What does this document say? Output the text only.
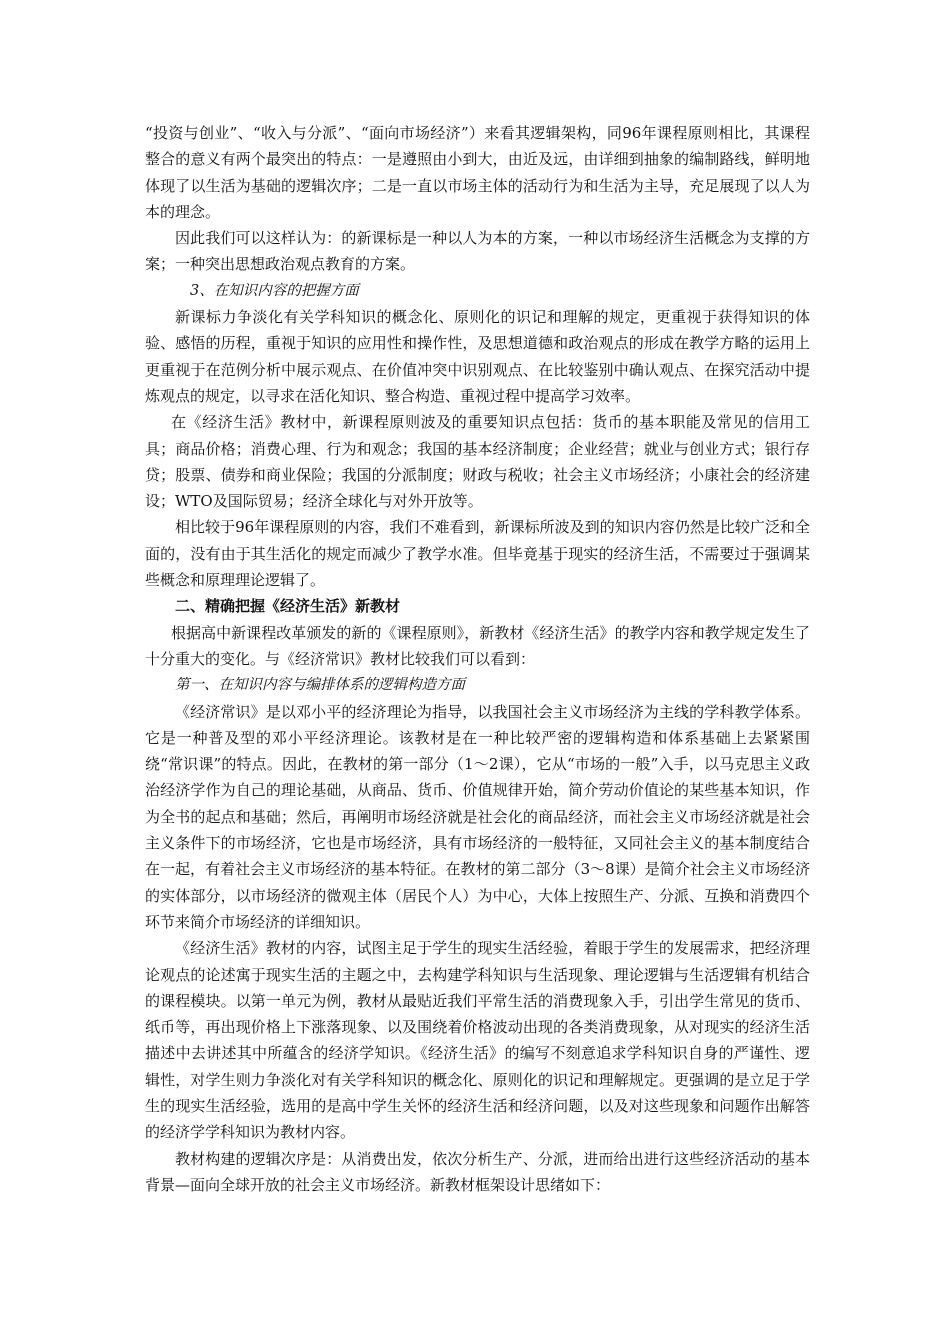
“投资与创业”、“收入与分派”、“面向市场经济”）来看其逻辑架构，同96年课程原则相比，其课程整合的意义有两个最突出的特点：一是遵照由小到大，由近及远，由详细到抽象的编制路线，鲜明地体现了以生活为基础的逻辑次序；二是一直以市场主体的活动行为和生活为主导，充足展现了以人为本的理念。

因此我们可以这样认为：的新课标是一种以人为本的方案，一种以市场经济生活概念为支撑的方案；一种突出思想政治观点教育的方案。

3、在知识内容的把握方面

新课标力争淡化有关学科知识的概念化、原则化的识记和理解的规定，更重视于获得知识的体验、感悟的历程，重视于知识的应用性和操作性，及思想道德和政治观点的形成在教学方略的运用上更重视于在范例分析中展示观点、在价值冲突中识别观点、在比较鉴别中确认观点、在探究活动中提炼观点的规定，以寻求在活化知识、整合构造、重视过程中提高学习效率。

在《经济生活》教材中，新课程原则波及的重要知识点包括：货币的基本职能及常见的信用工具；商品价格；消费心理、行为和观念；我国的基本经济制度；企业经营；就业与创业方式；银行存贷；股票、债券和商业保险；我国的分派制度；财政与税收；社会主义市场经济；小康社会的经济建设；WTO及国际贸易；经济全球化与对外开放等。

相比较于96年课程原则的内容，我们不难看到，新课标所波及到的知识内容仍然是比较广泛和全面的，没有由于其生活化的规定而减少了教学水准。但毕竟基于现实的经济生活，不需要过于强调某些概念和原理理论逻辑了。

二、精确把握《经济生活》新教材

根据高中新课程改革颁发的新的《课程原则》，新教材《经济生活》的教学内容和教学规定发生了十分重大的变化。与《经济常识》教材比较我们可以看到：

第一、在知识内容与编排体系的逻辑构造方面

《经济常识》是以邓小平的经济理论为指导，以我国社会主义市场经济为主线的学科教学体系。它是一种普及型的邓小平经济理论。该教材是在一种比较严密的逻辑构造和体系基础上去紧紧围绕“常识课”的特点。因此，在教材的第一部分（1～2课），它从“市场的一般”入手，以马克思主义政治经济学作为自己的理论基础，从商品、货币、价值规律开始，简介劳动价值论的某些基本知识，作为全书的起点和基础；然后，再阐明市场经济就是社会化的商品经济，而社会主义市场经济就是社会主义条件下的市场经济，它也是市场经济，具有市场经济的一般特征，又同社会主义的基本制度结合在一起，有着社会主义市场经济的基本特征。在教材的第二部分（3～8课）是简介社会主义市场经济的实体部分，以市场经济的微观主体（居民个人）为中心，大体上按照生产、分派、互换和消费四个环节来简介市场经济的详细知识。

《经济生活》教材的内容，试图主足于学生的现实生活经验，着眼于学生的发展需求，把经济理论观点的论述寓于现实生活的主题之中，去构建学科知识与生活现象、理论逻辑与生活逻辑有机结合的课程模块。以第一单元为例，教材从最贴近我们平常生活的消费现象入手，引出学生常见的货币、纸币等，再出现价格上下涨落现象、以及围绕着价格波动出现的各类消费现象，从对现实的经济生活描述中去讲述其中所蕴含的经济学知识。《经济生活》的编写不刻意追求学科知识自身的严谨性、逻辑性，对学生则力争淡化对有关学科知识的概念化、原则化的识记和理解规定。更强调的是立足于学生的现实生活经验，选用的是高中学生关怀的经济生活和经济问题，以及对这些现象和问题作出解答的经济学学科知识为教材内容。

教材构建的逻辑次序是：从消费出发，依次分析生产、分派，进而给出进行这些经济活动的基本背景—面向全球开放的社会主义市场经济。新教材框架设计思绪如下：
